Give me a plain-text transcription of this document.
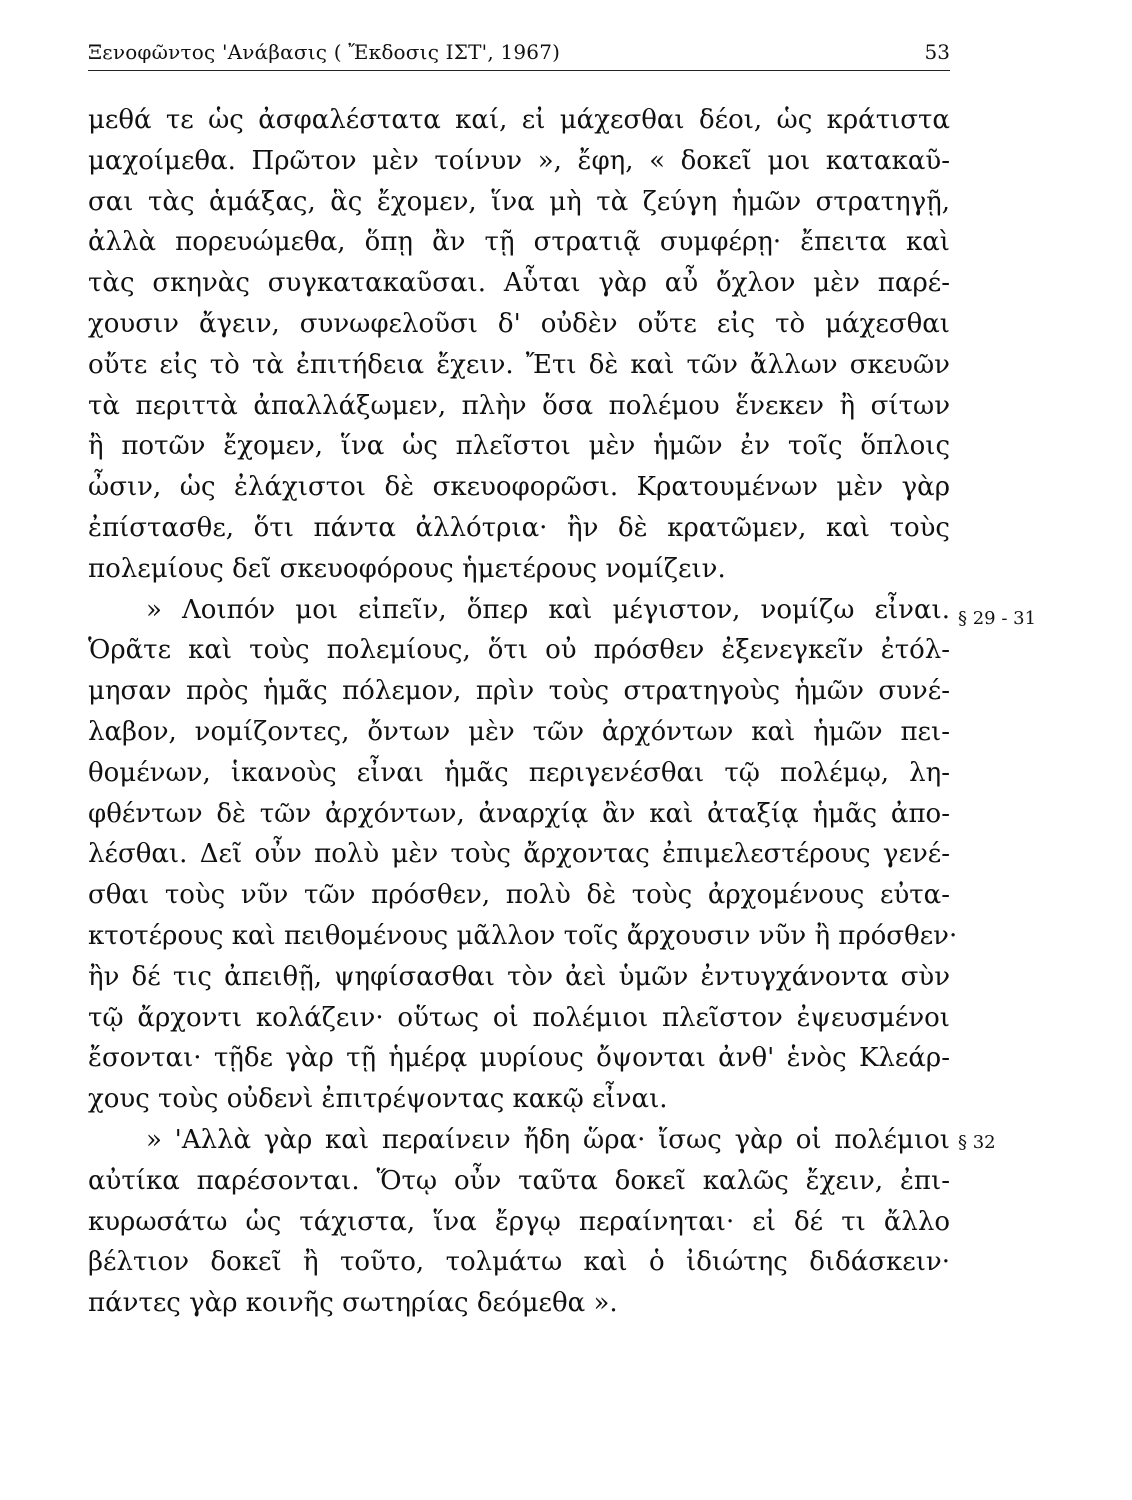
Ξενοφῶντος 'Ανάβασις ( Ἔκδοσις ΙΣΤ', 1967)	53
μεθά τε ὡς ἀσφαλέστατα καί, εἰ μάχεσθαι δέοι, ὡς κράτιστα
μαχοίμεθα. Πρῶτον μὲν τοίνυν », ἔφη, « δοκεῖ μοι κατακαῦ-
σαι τὰς ἁμάξας, ἃς ἔχομεν, ἵνα μὴ τὰ ζεύγη ἡμῶν στρατηγῇ,
ἀλλὰ πορευώμεθα, ὅπῃ ἂν τῇ στρατιᾷ συμφέρῃ· ἔπειτα καὶ
τὰς σκηνὰς συγκατακαῦσαι. Αὗται γὰρ αὖ ὄχλον μὲν παρέ-
χουσιν ἄγειν, συνωφελοῦσι δ' οὐδὲν οὔτε εἰς τὸ μάχεσθαι
οὔτε εἰς τὸ τὰ ἐπιτήδεια ἔχειν. Ἔτι δὲ καὶ τῶν ἄλλων σκευῶν
τὰ περιττὰ ἀπαλλάξωμεν, πλὴν ὅσα πολέμου ἕνεκεν ἢ σίτων
ἢ ποτῶν ἔχομεν, ἵνα ὡς πλεῖστοι μὲν ἡμῶν ἐν τοῖς ὅπλοις
ὦσιν, ὡς ἐλάχιστοι δὲ σκευοφορῶσι. Κρατουμένων μὲν γὰρ
ἐπίστασθε, ὅτι πάντα ἀλλότρια· ἢν δὲ κρατῶμεν, καὶ τοὺς
πολεμίους δεῖ σκευοφόρους ἡμετέρους νομίζειν.
» Λοιπόν μοι εἰπεῖν, ὅπερ καὶ μέγιστον, νομίζω εἶναι.
Ὁρᾶτε καὶ τοὺς πολεμίους, ὅτι οὐ πρόσθεν ἐξενεγκεῖν ἐτόλ-
μησαν πρὸς ἡμᾶς πόλεμον, πρὶν τοὺς στρατηγοὺς ἡμῶν συνέ-
λαβον, νομίζοντες, ὄντων μὲν τῶν ἀρχόντων καὶ ἡμῶν πει-
θομένων, ἱκανοὺς εἶναι ἡμᾶς περιγενέσθαι τῷ πολέμῳ, λη-
φθέντων δὲ τῶν ἀρχόντων, ἀναρχίᾳ ἂν καὶ ἀταξίᾳ ἡμᾶς ἀπο-
λέσθαι. Δεῖ οὖν πολὺ μὲν τοὺς ἄρχοντας ἐπιμελεστέρους γενέ-
σθαι τοὺς νῦν τῶν πρόσθεν, πολὺ δὲ τοὺς ἀρχομένους εὐτα-
κτοτέρους καὶ πειθομένους μᾶλλον τοῖς ἄρχουσιν νῦν ἢ πρόσθεν·
ἢν δέ τις ἀπειθῇ, ψηφίσασθαι τὸν ἀεὶ ὑμῶν ἐντυγχάνοντα σὺν
τῷ ἄρχοντι κολάζειν· οὕτως οἱ πολέμιοι πλεῖστον ἐψευσμένοι
ἔσονται· τῇδε γὰρ τῇ ἡμέρᾳ μυρίους ὄψονται ἀνθ' ἑνὸς Κλεάρ-
χους τοὺς οὐδενὶ ἐπιτρέψοντας κακῷ εἶναι.
» 'Αλλὰ γὰρ καὶ περαίνειν ἤδη ὥρα· ἴσως γὰρ οἱ πολέμιοι
αὐτίκα παρέσονται. Ὅτῳ οὖν ταῦτα δοκεῖ καλῶς ἔχειν, ἐπι-
κυρωσάτω ὡς τάχιστα, ἵνα ἔργῳ περαίνηται· εἰ δέ τι ἄλλο
βέλτιον δοκεῖ ἢ τοῦτο, τολμάτω καὶ ὁ ἰδιώτης διδάσκειν·
πάντες γὰρ κοινῆς σωτηρίας δεόμεθα ».
§ 29 - 31
§ 32
